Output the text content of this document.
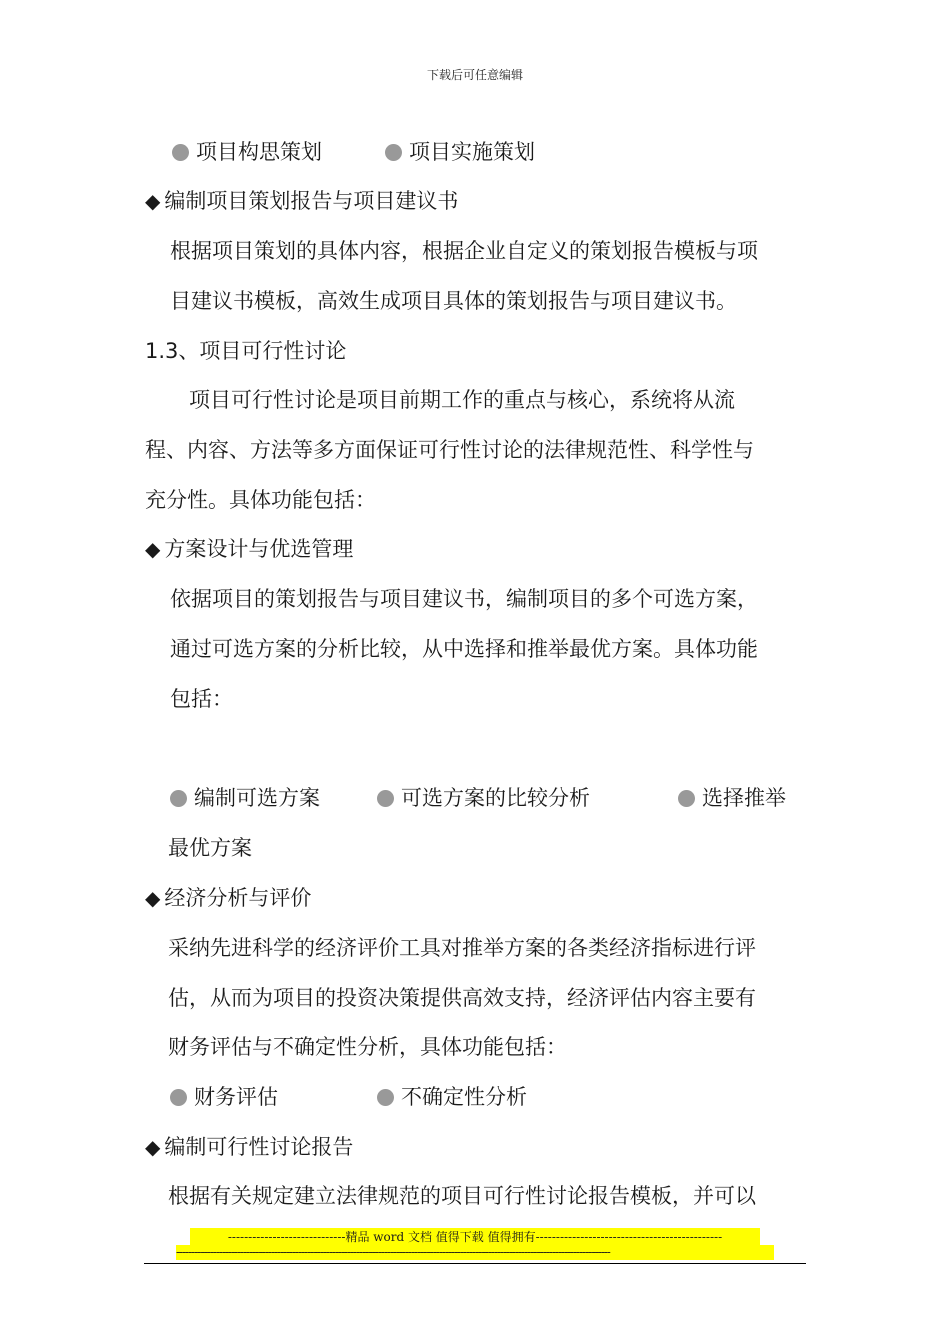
下载后可任意编辑
项目构思策划	项目实施策划
◆ 编制项目策划报告与项目建议书
根据项目策划的具体内容，根据企业自定义的策划报告模板与项
目建议书模板，高效生成项目具体的策划报告与项目建议书。
1.3、项目可行性讨论
项目可行性讨论是项目前期工作的重点与核心，系统将从流
程、内容、方法等多方面保证可行性讨论的法律规范性、科学性与
充分性。具体功能包括：
◆ 方案设计与优选管理
依据项目的策划报告与项目建议书，编制项目的多个可选方案，
通过可选方案的分析比较，从中选择和推举最优方案。具体功能
包括：
编制可选方案	可选方案的比较分析	选择推举
最优方案
◆ 经济分析与评价
采纳先进科学的经济评价工具对推举方案的各类经济指标进行评
估，从而为项目的投资决策提供高效支持，经济评估内容主要有
财务评估与不确定性分析，具体功能包括：
财务评估	不确定性分析
◆ 编制可行性讨论报告
根据有关规定建立法律规范的项目可行性讨论报告模板，并可以
-----------------------------精品 word 文档 值得下载 值得拥有----------------------------------------------
----------------------------------------------------------------------------------------------------------------------------------------------
